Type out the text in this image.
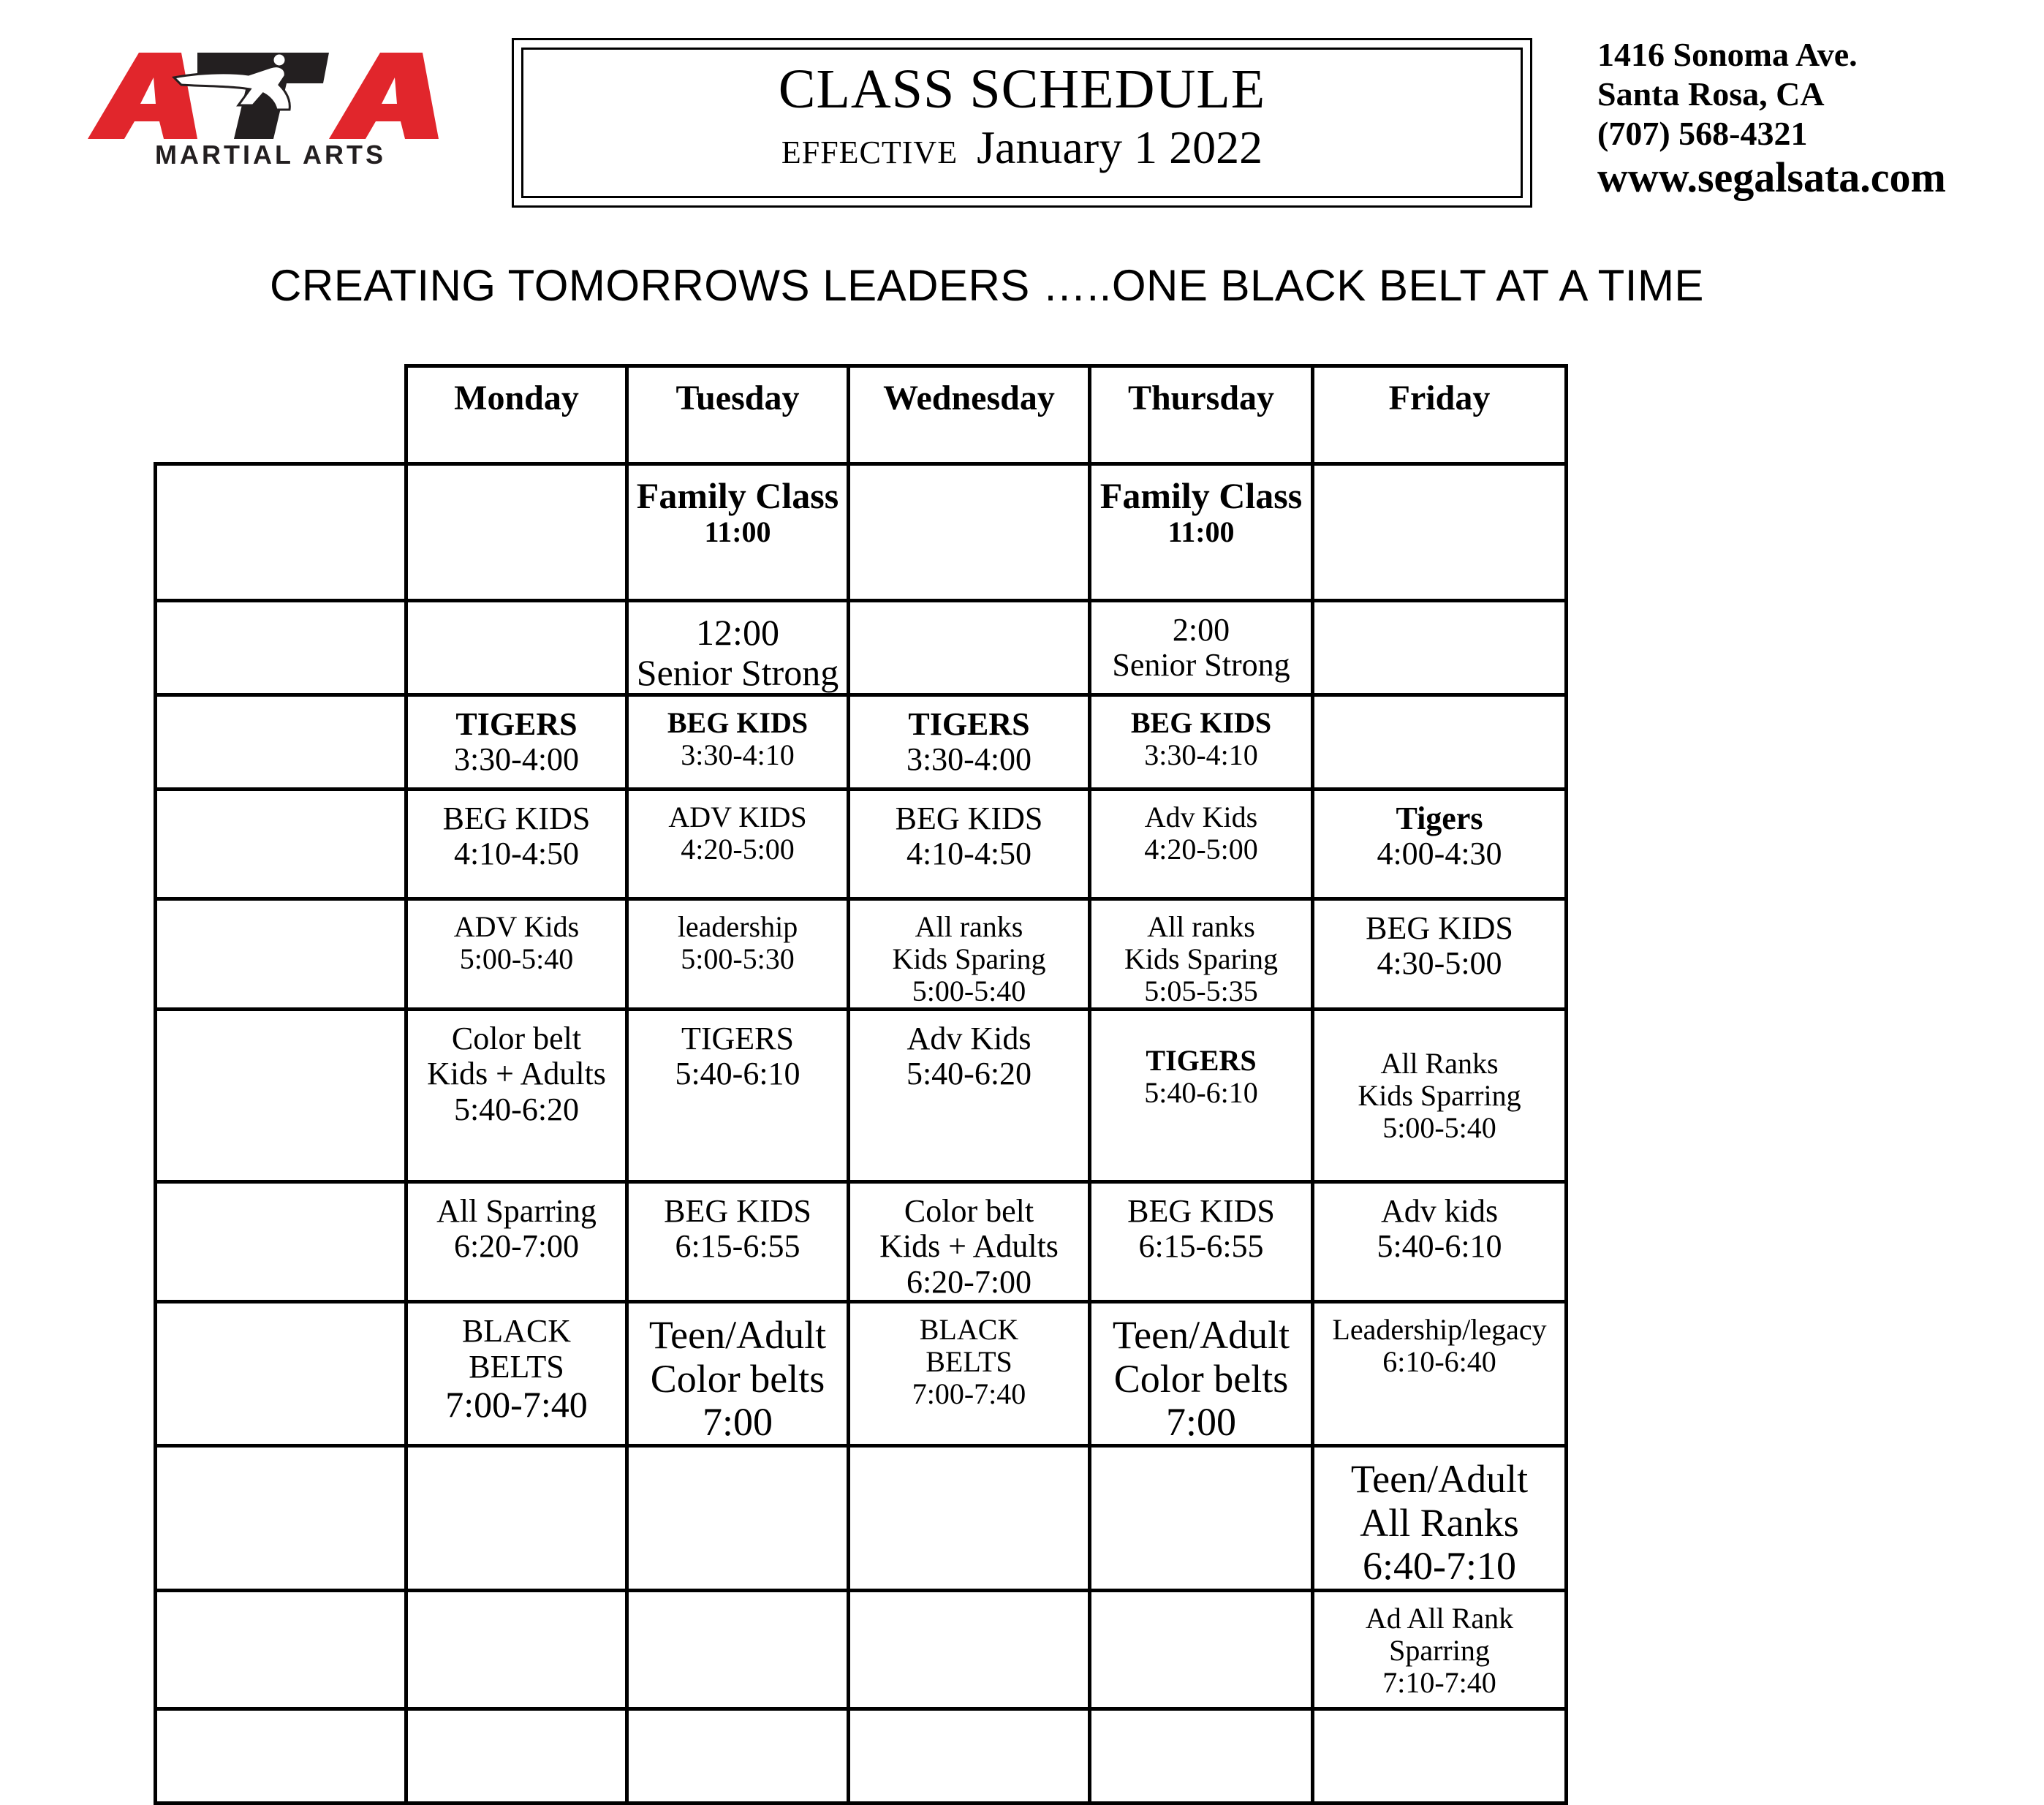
MARTIAL ARTS
CLASS SCHEDULE
EFFECTIVE January 1 2022
1416 Sonoma Ave.
Santa Rosa, CA
(707) 568-4321
www.segalsata.com
CREATING TOMORROWS LEADERS …..ONE BLACK BELT AT A TIME
	Monday	Tuesday	Wednesday	Thursday	Friday

		Family Class
11:00		Family Class
11:00	

		12:00
Senior Strong		2:00
Senior Strong	

	TIGERS
3:30-4:00	BEG KIDS
3:30-4:10	TIGERS
3:30-4:00	BEG KIDS
3:30-4:10	

	BEG KIDS
4:10-4:50	ADV KIDS
4:20-5:00	BEG KIDS
4:10-4:50	Adv Kids
4:20-5:00	Tigers
4:00-4:30

	ADV Kids
5:00-5:40	leadership
5:00-5:30	All ranks
Kids Sparing
5:00-5:40	All ranks
Kids Sparing
5:05-5:35	BEG KIDS
4:30-5:00

	Color belt
Kids + Adults
5:40-6:20	TIGERS
5:40-6:10	Adv Kids
5:40-6:20	TIGERS
5:40-6:10	All Ranks
Kids Sparring
5:00-5:40

	All Sparring
6:20-7:00	BEG KIDS
6:15-6:55	Color belt
Kids + Adults
6:20-7:00	BEG KIDS
6:15-6:55	Adv kids
5:40-6:10

	BLACK
BELTS
7:00-7:40	Teen/Adult
Color belts
7:00	BLACK
BELTS
7:00-7:40	Teen/Adult
Color belts
7:00	Leadership/legacy
6:10-6:40

					Teen/Adult
All Ranks
6:40-7:10

					Ad All Rank
Sparring
7:10-7:40
